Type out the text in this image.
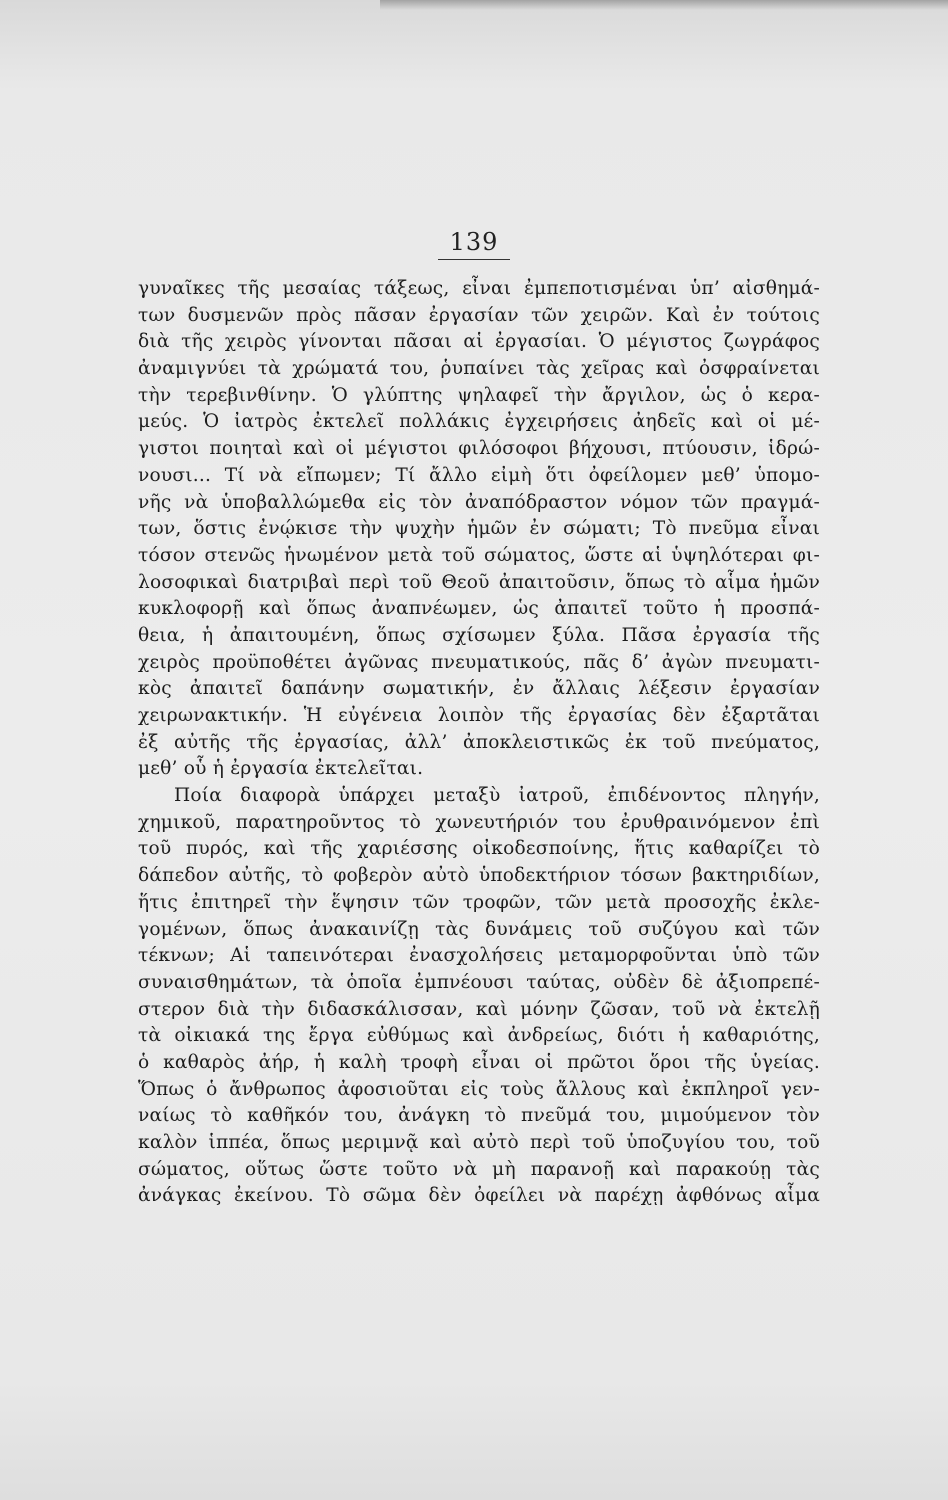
139
γυναῖκες τῆς μεσαίας τάξεως, εἶναι ἐμπεποτισμέναι ὑπ’ αἰσθημά-
των δυσμενῶν πρὸς πᾶσαν ἐργασίαν τῶν χειρῶν. Καὶ ἐν τούτοις
διὰ τῆς χειρὸς γίνονται πᾶσαι αἱ ἐργασίαι. Ὁ μέγιστος ζωγράφος
ἀναμιγνύει τὰ χρώματά του, ῥυπαίνει τὰς χεῖρας καὶ ὀσφραίνεται
τὴν τερεβινθίνην. Ὁ γλύπτης ψηλαφεῖ τὴν ἄργιλον, ὡς ὁ κερα-
μεύς. Ὁ ἰατρὸς ἐκτελεῖ πολλάκις ἐγχειρήσεις ἀηδεῖς καὶ οἱ μέ-
γιστοι ποιηταὶ καὶ οἱ μέγιστοι φιλόσοφοι βήχουσι, πτύουσιν, ἱδρώ-
νουσι... Τί νὰ εἴπωμεν; Τί ἄλλο εἰμὴ ὅτι ὀφείλομεν μεθ’ ὑπομο-
νῆς νὰ ὑποβαλλώμεθα εἰς τὸν ἀναπόδραστον νόμον τῶν πραγμά-
των, ὅστις ἐνῴκισε τὴν ψυχὴν ἡμῶν ἐν σώματι; Τὸ πνεῦμα εἶναι
τόσον στενῶς ἡνωμένον μετὰ τοῦ σώματος, ὥστε αἱ ὑψηλότεραι φι-
λοσοφικαὶ διατριβαὶ περὶ τοῦ Θεοῦ ἀπαιτοῦσιν, ὅπως τὸ αἷμα ἡμῶν
κυκλοφορῇ καὶ ὅπως ἀναπνέωμεν, ὡς ἀπαιτεῖ τοῦτο ἡ προσπά-
θεια, ἡ ἀπαιτουμένη, ὅπως σχίσωμεν ξύλα. Πᾶσα ἐργασία τῆς
χειρὸς προϋποθέτει ἀγῶνας πνευματικούς, πᾶς δ’ ἀγὼν πνευματι-
κὸς ἀπαιτεῖ δαπάνην σωματικήν, ἐν ἄλλαις λέξεσιν ἐργασίαν
χειρωνακτικήν. Ἡ εὐγένεια λοιπὸν τῆς ἐργασίας δὲν ἐξαρτᾶται
ἐξ αὐτῆς τῆς ἐργασίας, ἀλλ’ ἀποκλειστικῶς ἐκ τοῦ πνεύματος,
μεθ’ οὗ ἡ ἐργασία ἐκτελεῖται.
Ποία διαφορὰ ὑπάρχει μεταξὺ ἰατροῦ, ἐπιδένοντος πληγήν,
χημικοῦ, παρατηροῦντος τὸ χωνευτήριόν του ἐρυθραινόμενον ἐπὶ
τοῦ πυρός, καὶ τῆς χαριέσσης οἰκοδεσποίνης, ἥτις καθαρίζει τὸ
δάπεδον αὐτῆς, τὸ φοβερὸν αὐτὸ ὑποδεκτήριον τόσων βακτηριδίων,
ἥτις ἐπιτηρεῖ τὴν ἕψησιν τῶν τροφῶν, τῶν μετὰ προσοχῆς ἐκλε-
γομένων, ὅπως ἀνακαινίζῃ τὰς δυνάμεις τοῦ συζύγου καὶ τῶν
τέκνων; Αἱ ταπεινότεραι ἐνασχολήσεις μεταμορφοῦνται ὑπὸ τῶν
συναισθημάτων, τὰ ὁποῖα ἐμπνέουσι ταύτας, οὐδὲν δὲ ἀξιοπρεπέ-
στερον διὰ τὴν διδασκάλισσαν, καὶ μόνην ζῶσαν, τοῦ νὰ ἐκτελῇ
τὰ οἰκιακά της ἔργα εὐθύμως καὶ ἀνδρείως, διότι ἡ καθαριότης,
ὁ καθαρὸς ἀήρ, ἡ καλὴ τροφὴ εἶναι οἱ πρῶτοι ὅροι τῆς ὑγείας.
Ὅπως ὁ ἄνθρωπος ἀφοσιοῦται εἰς τοὺς ἄλλους καὶ ἐκπληροῖ γεν-
ναίως τὸ καθῆκόν του, ἀνάγκη τὸ πνεῦμά του, μιμούμενον τὸν
καλὸν ἱππέα, ὅπως μεριμνᾷ καὶ αὐτὸ περὶ τοῦ ὑποζυγίου του, τοῦ
σώματος, οὕτως ὥστε τοῦτο νὰ μὴ παρανοῇ καὶ παρακούῃ τὰς
ἀνάγκας ἐκείνου. Τὸ σῶμα δὲν ὀφείλει νὰ παρέχῃ ἀφθόνως αἷμα
